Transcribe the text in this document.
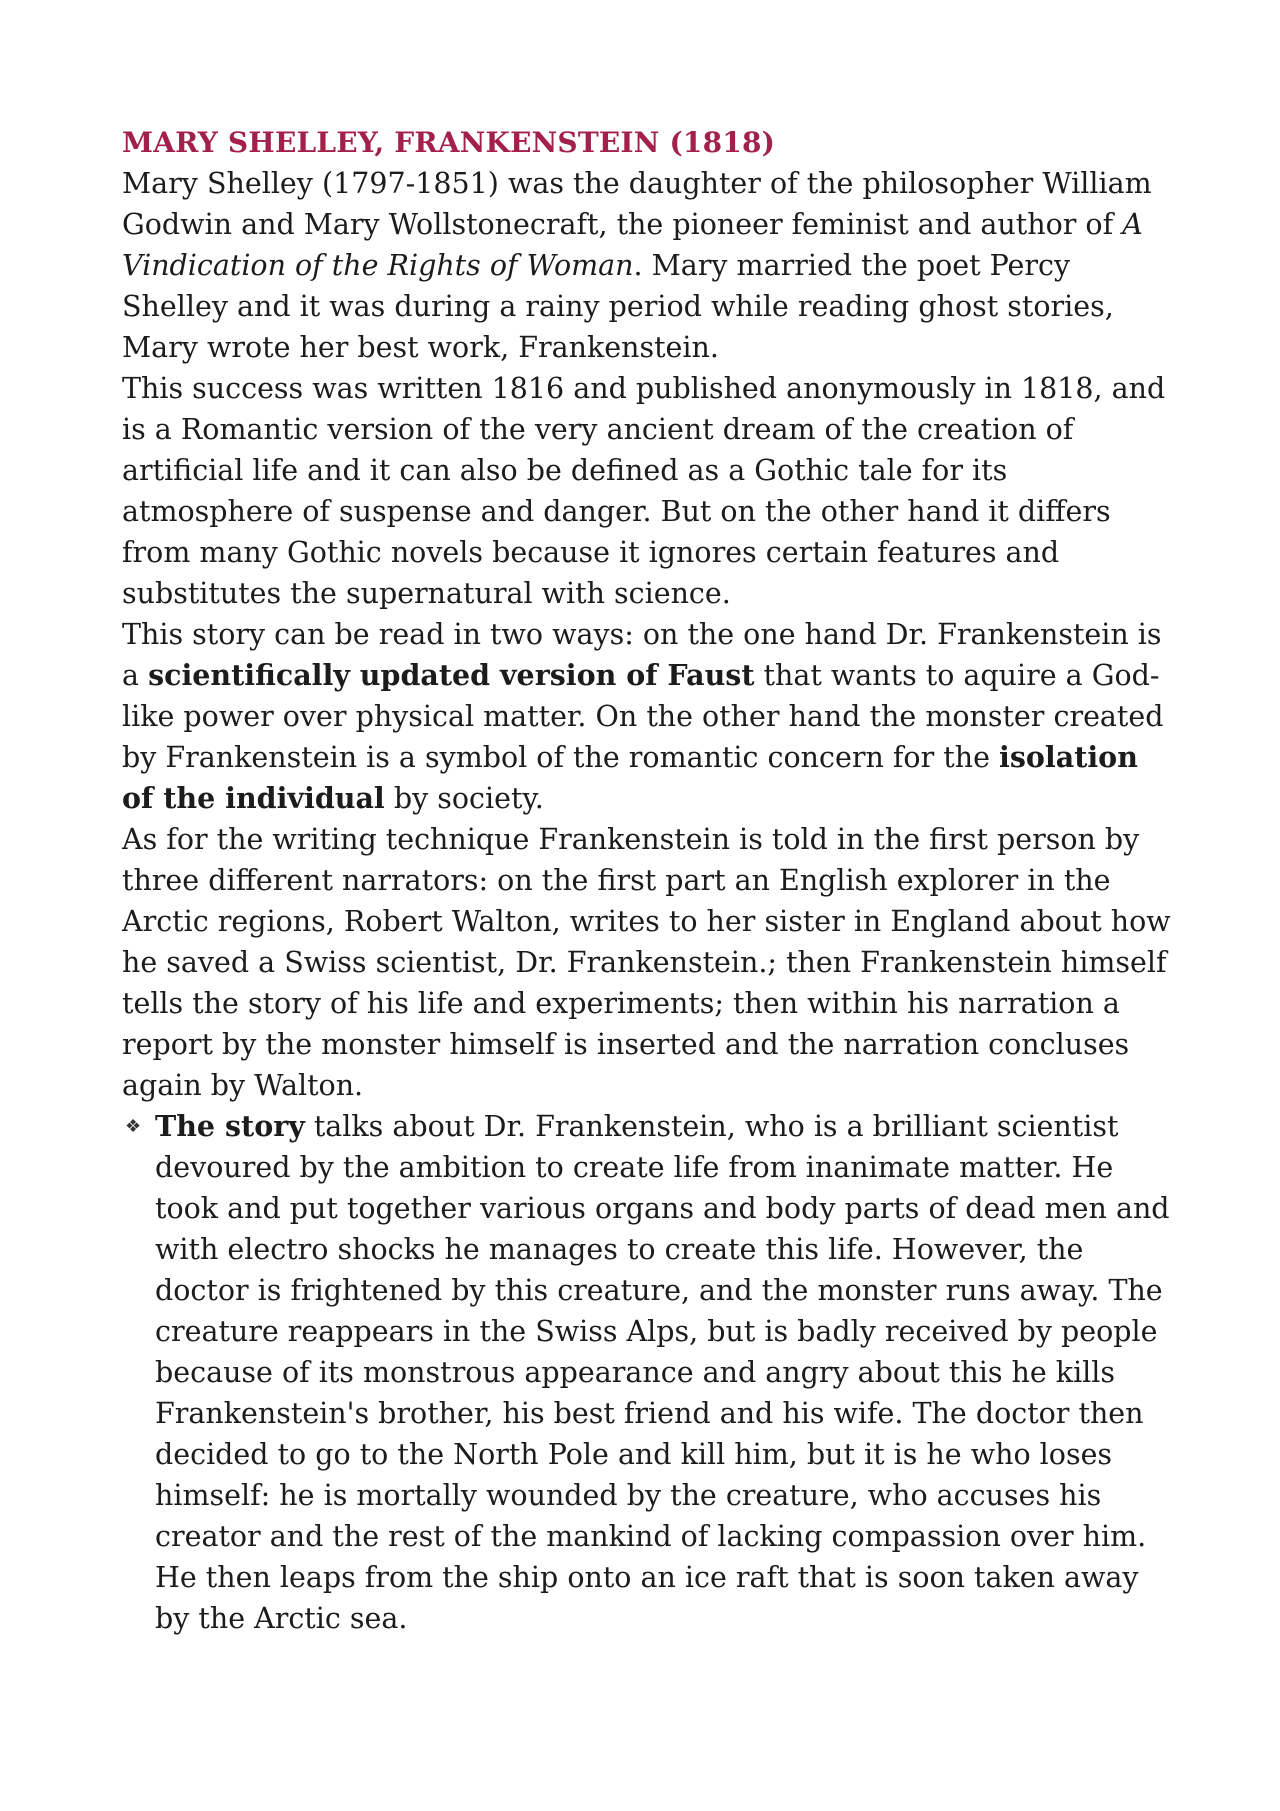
MARY SHELLEY, FRANKENSTEIN (1818)

Mary Shelley (1797-1851) was the daughter of the philosopher William Godwin and Mary Wollstonecraft, the pioneer feminist and author of A Vindication of the Rights of Woman. Mary married the poet Percy Shelley and it was during a rainy period while reading ghost stories, Mary wrote her best work, Frankenstein.

This success was written 1816 and published anonymously in 1818, and is a Romantic version of the very ancient dream of the creation of artificial life and it can also be defined as a Gothic tale for its atmosphere of suspense and danger. But on the other hand it differs from many Gothic novels because it ignores certain features and substitutes the supernatural with science.

This story can be read in two ways: on the one hand Dr. Frankenstein is a scientifically updated version of Faust that wants to aquire a God-like power over physical matter. On the other hand the monster created by Frankenstein is a symbol of the romantic concern for the isolation of the individual by society.

As for the writing technique Frankenstein is told in the first person by three different narrators: on the first part an English explorer in the Arctic regions, Robert Walton, writes to her sister in England about how he saved a Swiss scientist, Dr. Frankenstein.; then Frankenstein himself tells the story of his life and experiments; then within his narration a report by the monster himself is inserted and the narration concluses again by Walton.

❖ The story talks about Dr. Frankenstein, who is a brilliant scientist devoured by the ambition to create life from inanimate matter. He took and put together various organs and body parts of dead men and with electro shocks he manages to create this life. However, the doctor is frightened by this creature, and the monster runs away. The creature reappears in the Swiss Alps, but is badly received by people because of its monstrous appearance and angry about this he kills Frankenstein's brother, his best friend and his wife. The doctor then decided to go to the North Pole and kill him, but it is he who loses himself: he is mortally wounded by the creature, who accuses his creator and the rest of the mankind of lacking compassion over him. He then leaps from the ship onto an ice raft that is soon taken away by the Arctic sea.
